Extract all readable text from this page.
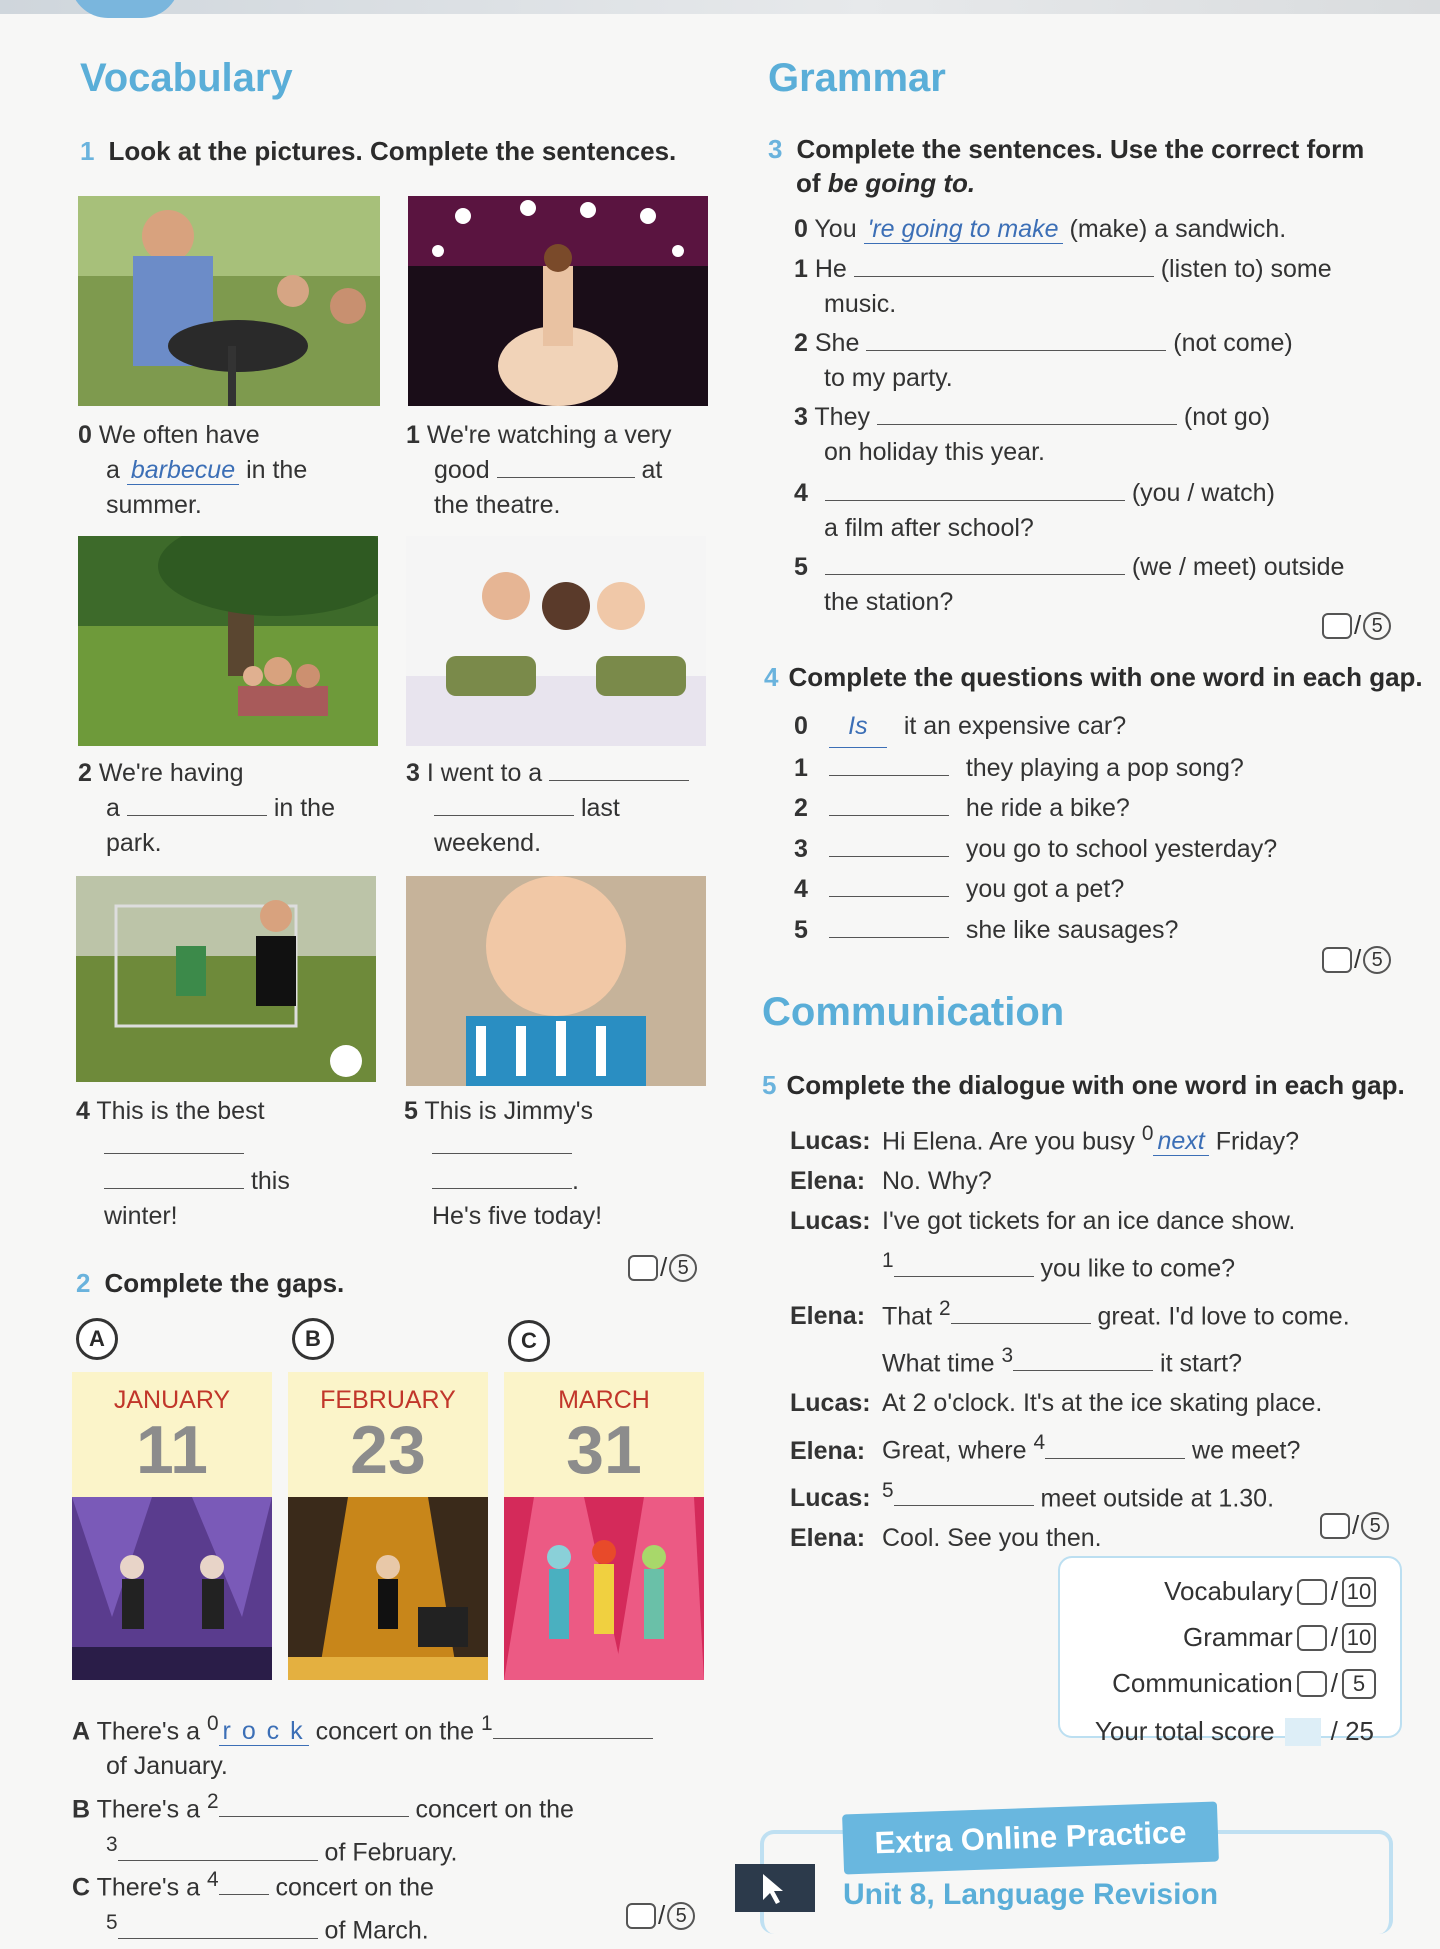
Vocabulary
1 Look at the pictures. Complete the sentences.
0 We often have
a barbecue in the
summer.
1 We're watching a very
good	at
the theatre.
2 We're having
a	in the
park.
3 I went to a
last
weekend.
4 This is the best

this
winter!
5 This is Jimmy's

.
He's five today!
/ 5
2 Complete the gaps.
A	B	C
JANUARY
11
FEBRUARY
23
MARCH
31
A There's a $^0$ r o c k concert on the $^1$
of January.
B There's a $^2$	concert on the
$^3$	of February.
C There's a $^4$ concert on the
$^5$	of March.
/ 5
Grammar
3 Complete the sentences. Use the correct form
of be going to.
0 You 're going to make (make) a sandwich.
1 He	(listen to) some
music.
2 She	(not come)
to my party.
3 They	(not go)
on holiday this year.
4	(you / watch)
a film after school?
5	(we / meet) outside
the station?
/ 5
4 Complete the questions with one word in each gap.
0 Is it an expensive car?
1	they playing a pop song?
2	he ride a bike?
3	you go to school yesterday?
4	you got a pet?
5	she like sausages?
/ 5
Communication
5 Complete the dialogue with one word in each gap.
Lucas: Hi Elena. Are you busy $^0$ next Friday?
Elena: No. Why?
Lucas: I've got tickets for an ice dance show.
$^1$	you like to come?
Elena: That $^2$	great. I'd love to come.
What time $^3$	it start?
Lucas: At 2 o'clock. It's at the ice skating place.
Elena: Great, where $^4$	we meet?
Lucas: $^5$	meet outside at 1.30.
Elena: Cool. See you then.	/ 5
Vocabulary / 10
Grammar / 10
Communication / 5
Your total score / 25
Extra Online Practice
Unit 8, Language Revision
